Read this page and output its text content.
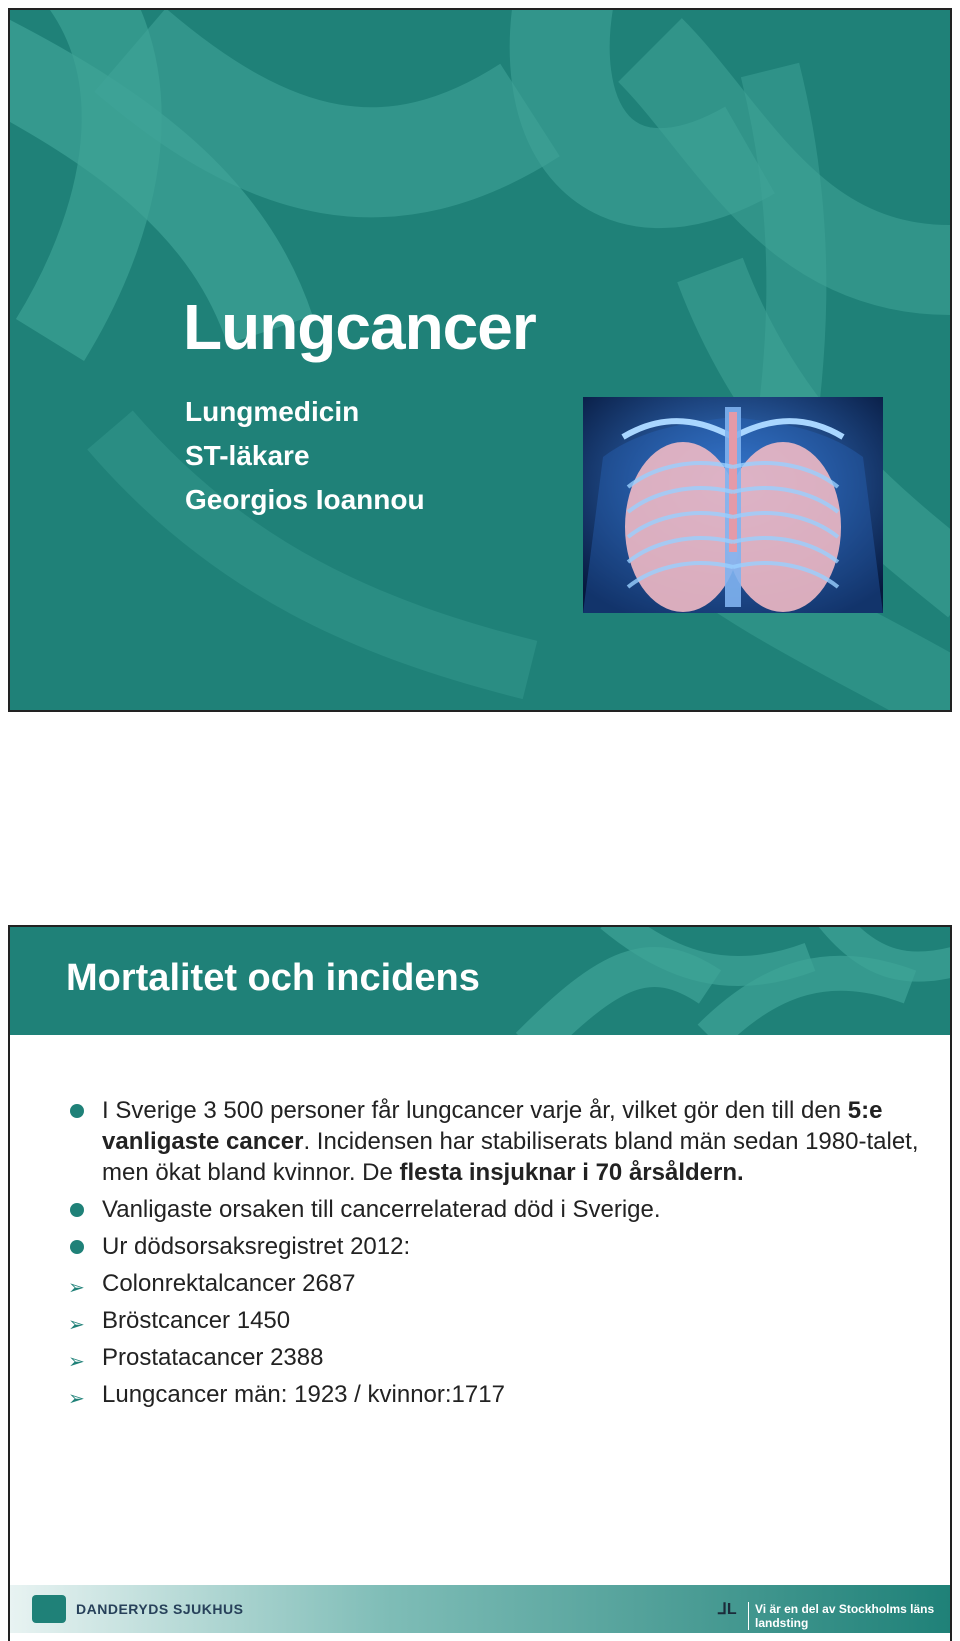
Lungcancer
Lungmedicin
ST-läkare
Georgios Ioannou
Mortalitet och incidens
I Sverige 3 500 personer får lungcancer varje år, vilket gör den till den 5:e vanligaste cancer. Incidensen har stabiliserats bland män sedan 1980-talet, men ökat bland kvinnor. De flesta insjuknar i 70 årsåldern.
Vanligaste orsaken till cancerrelaterad död i Sverige.
Ur dödsorsaksregistret 2012:
➢ Colonrektalcancer 2687
➢ Bröstcancer 1450
➢ Prostatacancer 2388
➢ Lungcancer män: 1923 / kvinnor:1717
DANDERYDS SJUKHUS	⅃L	Vi är en del av Stockholms läns landsting
